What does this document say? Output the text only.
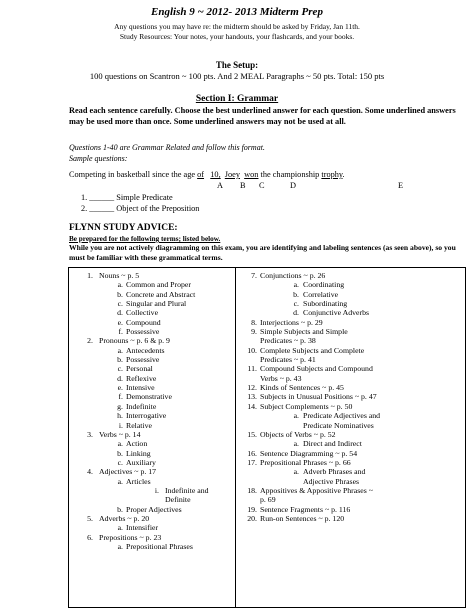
English 9 ~ 2012- 2013 Midterm Prep
Any questions you may have re: the midterm should be asked by Friday, Jan 11th.
Study Resources: Your notes, your handouts, your flashcards, and your books.
The Setup:
100 questions on Scantron ~ 100 pts. And 2 MEAL Paragraphs ~ 50 pts. Total: 150 pts
Section I: Grammar
Read each sentence carefully. Choose the best underlined answer for each question. Some underlined answers may be used more than once. Some underlined answers may not be used at all.
Questions 1-40 are Grammar Related and follow this format.
Sample questions:
Competing in basketball since the age of 10, Joey won the championship trophy.
A B C	D	E
1. ______ Simple Predicate
2. ______ Object of the Preposition
FLYNN STUDY ADVICE:
Be prepared for the following terms; listed below.
While you are not actively diagramming on this exam, you are identifying and labeling sentences (as seen above), so you must be familiar with these grammatical terms.
1. Nouns ~ p. 5
a. Common and Proper
b. Concrete and Abstract
c. Singular and Plural
d. Collective
e. Compound
f. Possessive
2. Pronouns ~ p. 6 & p. 9
a. Antecedents
b. Possessive
c. Personal
d. Reflexive
e. Intensive
f. Demonstrative
g. Indefinite
h. Interrogative
i. Relative
3. Verbs ~ p. 14
a. Action
b. Linking
c. Auxiliary
4. Adjectives ~ p. 17
a. Articles
i. Indefinite and
Definite
b. Proper Adjectives
5. Adverbs ~ p. 20
a. Intensifier
6. Prepositions ~ p. 23
a. Prepositional Phrases
7. Conjunctions ~ p. 26
a. Coordinating
b. Correlative
c. Subordinating
d. Conjunctive Adverbs
8. Interjections ~ p. 29
9. Simple Subjects and Simple
Predicates ~ p. 38
10. Complete Subjects and Complete
Predicates ~ p. 41
11. Compound Subjects and Compound
Verbs ~ p. 43
12. Kinds of Sentences ~ p. 45
13. Subjects in Unusual Positions ~ p. 47
14. Subject Complements ~ p. 50
a. Predicate Adjectives and
Predicate Nominatives
15. Objects of Verbs ~ p. 52
a. Direct and Indirect
16. Sentence Diagramming ~ p. 54
17. Prepositional Phrases ~ p. 66
a. Adverb Phrases and
Adjective Phrases
18. Appositives & Appositive Phrases ~
p. 69
19. Sentence Fragments ~ p. 116
20. Run-on Sentences ~ p. 120
